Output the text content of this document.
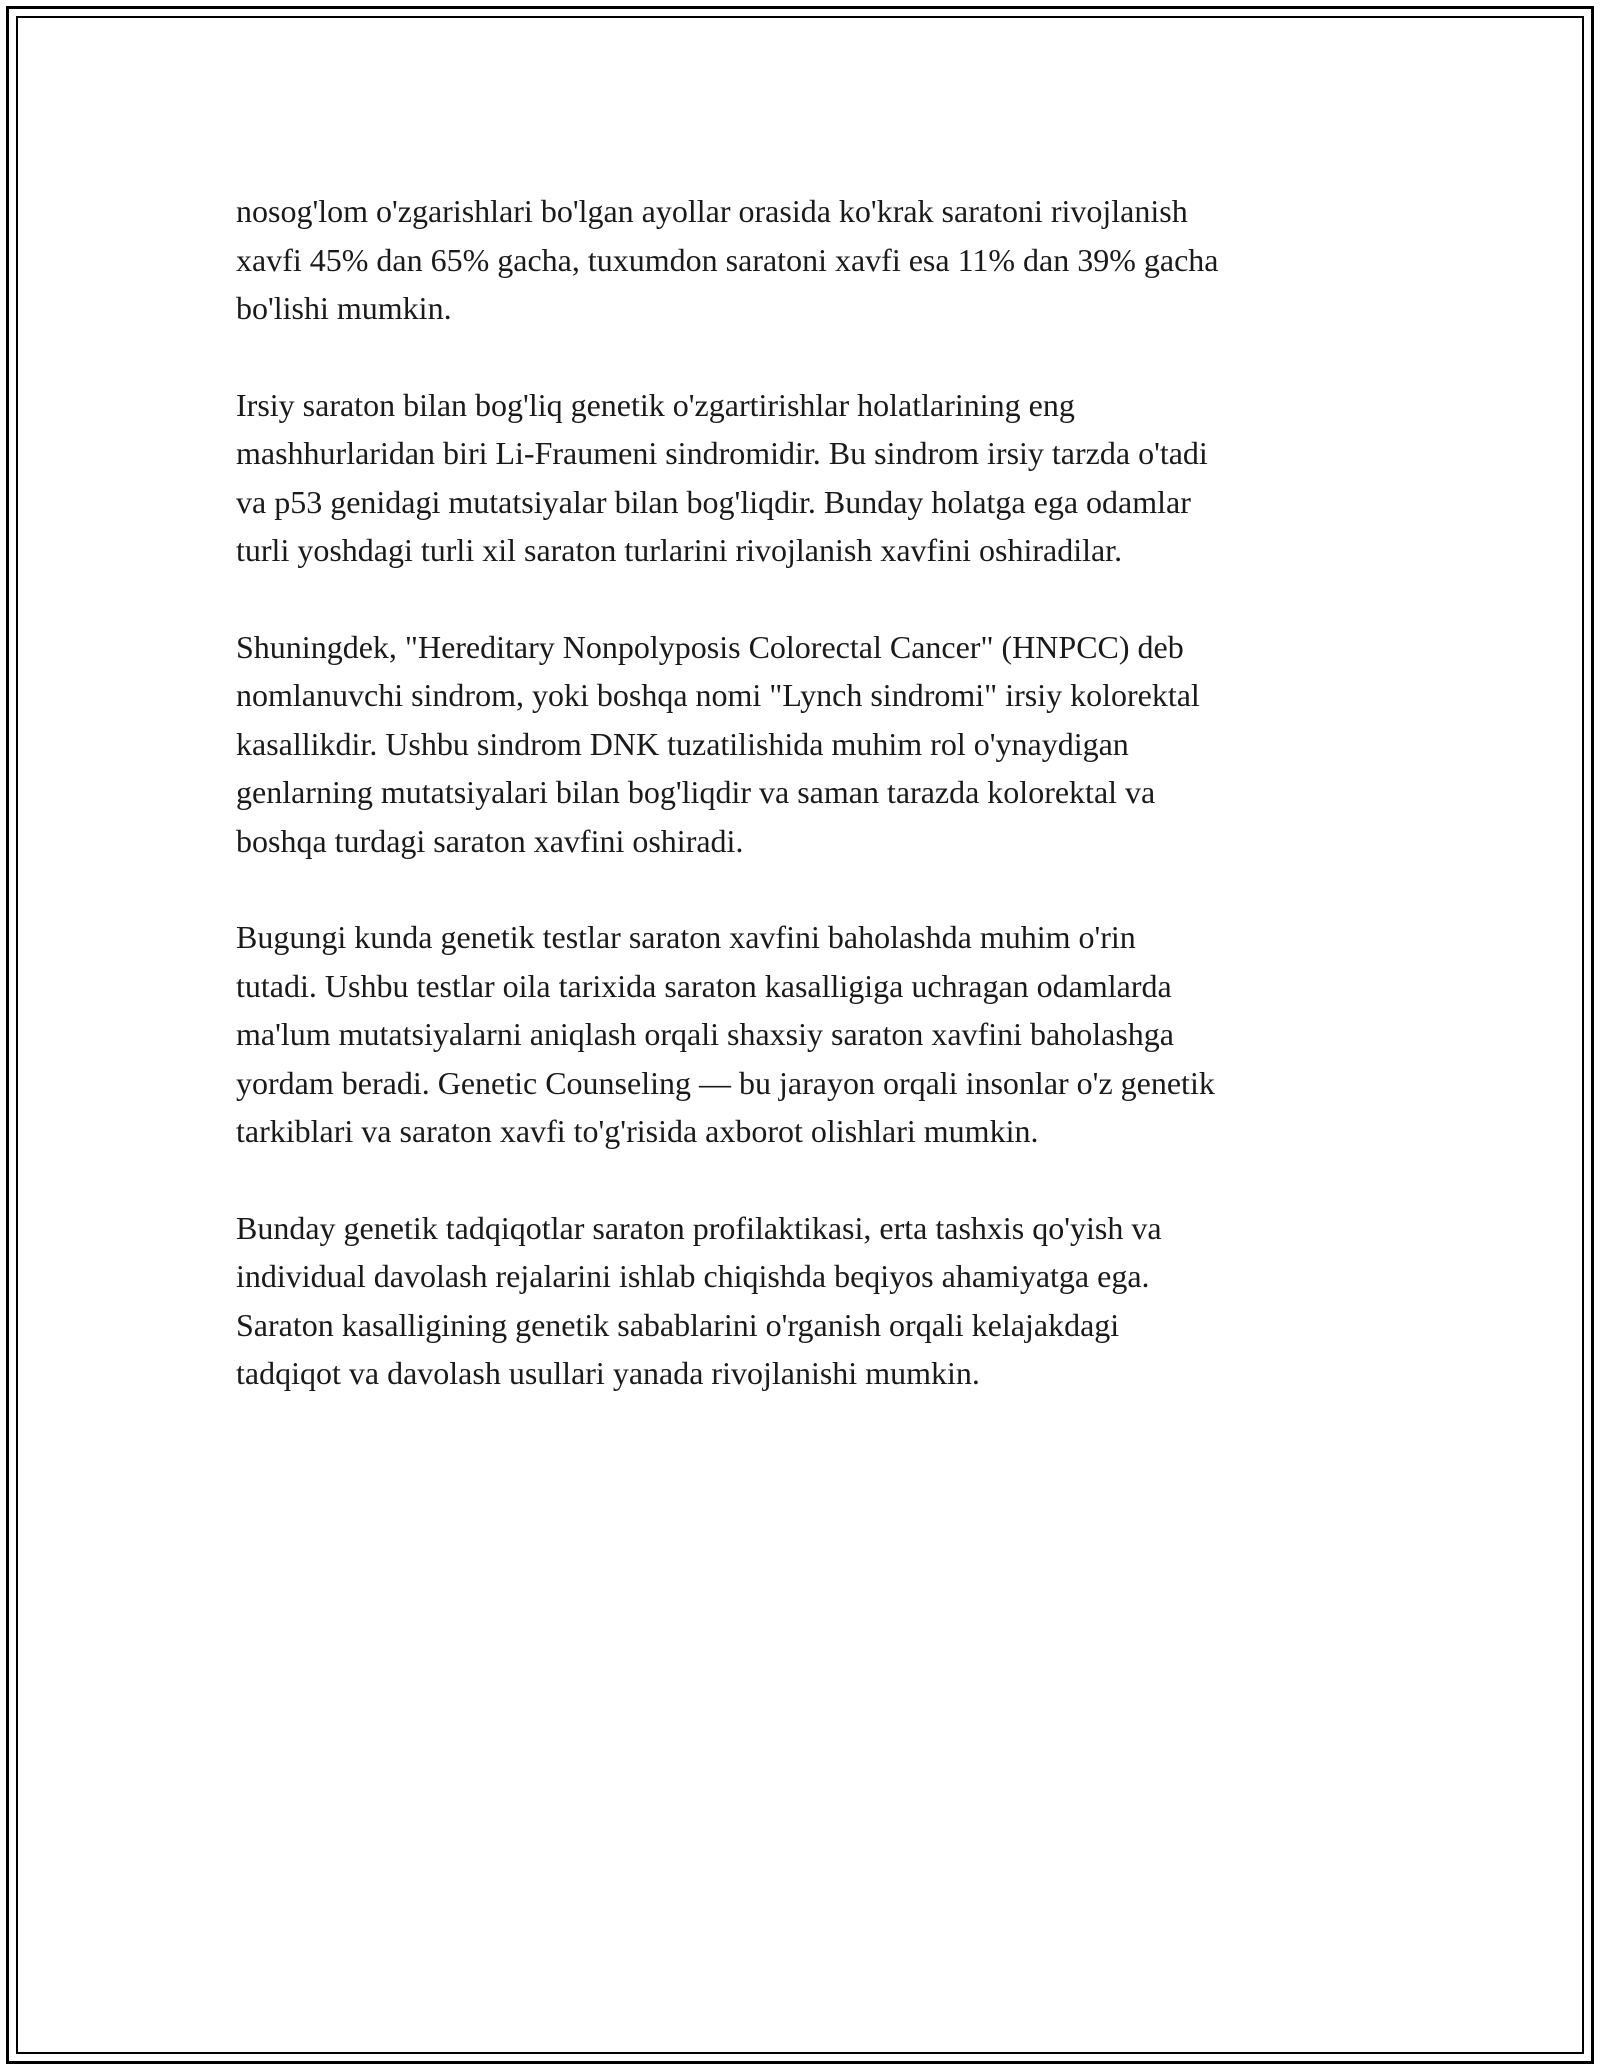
nosog'lom o'zgarishlari bo'lgan ayollar orasida ko'krak saratoni rivojlanish
xavfi 45% dan 65% gacha, tuxumdon saratoni xavfi esa 11% dan 39% gacha
bo'lishi mumkin.

Irsiy saraton bilan bog'liq genetik o'zgartirishlar holatlarining eng
mashhurlaridan biri Li-Fraumeni sindromidir. Bu sindrom irsiy tarzda o'tadi
va p53 genidagi mutatsiyalar bilan bog'liqdir. Bunday holatga ega odamlar
turli yoshdagi turli xil saraton turlarini rivojlanish xavfini oshiradilar.

Shuningdek, "Hereditary Nonpolyposis Colorectal Cancer" (HNPCC) deb
nomlanuvchi sindrom, yoki boshqa nomi "Lynch sindromi" irsiy kolorektal
kasallikdir. Ushbu sindrom DNK tuzatilishida muhim rol o'ynaydigan
genlarning mutatsiyalari bilan bog'liqdir va saman tarazda kolorektal va
boshqa turdagi saraton xavfini oshiradi.

Bugungi kunda genetik testlar saraton xavfini baholashda muhim o'rin
tutadi. Ushbu testlar oila tarixida saraton kasalligiga uchragan odamlarda
ma'lum mutatsiyalarni aniqlash orqali shaxsiy saraton xavfini baholashga
yordam beradi. Genetic Counseling — bu jarayon orqali insonlar o'z genetik
tarkiblari va saraton xavfi to'g'risida axborot olishlari mumkin.

Bunday genetik tadqiqotlar saraton profilaktikasi, erta tashxis qo'yish va
individual davolash rejalarini ishlab chiqishda beqiyos ahamiyatga ega.
Saraton kasalligining genetik sabablarini o'rganish orqali kelajakdagi
tadqiqot va davolash usullari yanada rivojlanishi mumkin.
